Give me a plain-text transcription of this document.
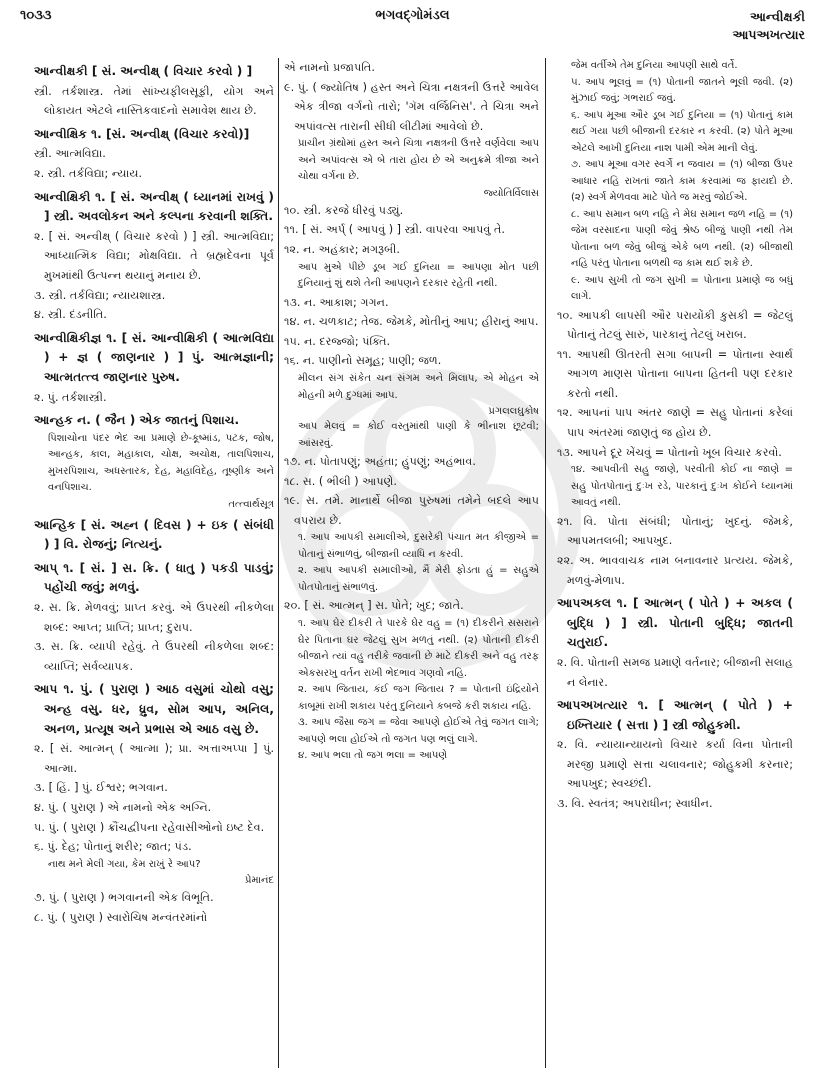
૧૦૩૩	ભગવદ્ગોમંડલ	આન્વીક્ષકી
આપઅખત્યાર

આન્વીક્ષકી [ સં. અન્વીક્ષ્ ( વિચાર કરવો ) ]

સ્ત્રી. તર્કશાસ્ત્ર. તેમાં સાંખ્યફીલસૂફી, યોગ અને લોકાયત એટલે નાસ્તિકવાદનો સમાવેશ થાય છે.

આન્વીક્ષિક ૧. [સં. અન્વીક્ષ્ (વિચાર કરવો)]

સ્ત્રી. આત્મવિદ્યા.

૨. સ્ત્રી. તર્કવિદ્યા; ન્યાય.

આન્વીક્ષિકી ૧. [ સં. અન્વીક્ષ્ ( ધ્યાનમાં રાખવું ) ] સ્ત્રી. અવલોકન અને કલ્પના કરવાની શક્તિ.

૨. [ સં. અન્વીક્ષ્ ( વિચાર કરવો ) ] સ્ત્રી. આત્મવિદ્યા; આધ્યાત્મિક વિદ્યા; મોક્ષવિદ્યા. તે બ્રહ્મદેવના પૂર્વ મુખમાંથી ઉત્પન્ન થયાનું મનાય છે.

૩. સ્ત્રી. તર્કવિદ્યા; ન્યાયશાસ્ત્ર.

૪. સ્ત્રી. દંડનીતિ.

આન્વીક્ષિકીજ્ઞ ૧. [ સં. આન્વીક્ષિકી ( આત્મવિદ્યા ) + જ્ઞ ( જાણનાર ) ] પું. આત્મજ્ઞાની; આત્મતત્ત્વ જાણનાર પુરુષ.

૨. પું. તર્કશાસ્ત્રી.

આન્હક ન. ( જૈન ) એક જાતનું પિશાચ.

પિશાચોના પંદર ભેદ આ પ્રમાણે છે-કૂષ્માંડ, પટક, જોષ, આન્હક, કાલ, મહાકાલ, ચોક્ષ, અચોક્ષ, તાલપિશાચ, મુખરપિશાચ, અધસ્તારક, દેહ, મહાવિદેહ, તૂષ્ણીક અને વનપિશાચ.

તત્ત્વાર્થસૂત્ર

આન્હિક [ સં. અહ્ન ( દિવસ ) + ઇક ( સંબંધી ) ] વિ. રોજનું; નિત્યનું.

આપ્ ૧. [ સં. ] સ. ક્રિ. ( ધાતુ ) પકડી પાડવું; પહોંચી જવું; મળવું.

૨. સ. ક્રિ. મેળવવું; પ્રાપ્ત કરવું. એ ઉપરથી નીકળેલા શબ્દ: આપ્ત; પ્રાપ્તિ; પ્રાપ્ત; દુરાપ.

૩. સ. ક્રિ. વ્યાપી રહેવું. તે ઉપરથી નીકળેલા શબ્દ: વ્યાપ્તિ; સર્વવ્યાપક.

આપ ૧. પું. ( પુરાણ ) આઠ વસુમાં ચોથો વસુ; અન્હ વસુ. ધર, ધ્રુવ, સોમ આપ, અનિલ, અનળ, પ્રત્યૂષ અને પ્રભાસ એ આઠ વસુ છે.

૨. [ સં. આત્મન્ ( આત્મા ); પ્રા. અત્તાઅપ્પા ] પું. આત્મા.

૩. [ હિં. ] પું. ઈશ્વર; ભગવાન.

૪. પું. ( પુરાણ ) એ નામનો એક અગ્નિ.

૫. પું. ( પુરાણ ) ક્રૌંચદ્વીપના રહેવાસીઓનો ઇષ્ટ દેવ.

૬. પું. દેહ; પોતાનું શરીર; જાત; પંડ.

નાથ મને મેલી ગયા, કેમ રાખું રે આપ?

પ્રેમાનંદ

૭. પું. ( પુરાણ ) ભગવાનની એક વિભૂતિ.

૮. પું. ( પુરાણ ) સ્વારોચિષ મન્વંતરમાંનો

એ નામનો પ્રજાપતિ.

૯. પું. ( જ્યોતિષ ) હસ્ત અને ચિત્રા નક્ષત્રની ઉત્તરે આવેલ એક ત્રીજા વર્ગનો તારો; 'ગૅમ વર્જિનિસ'. તે ચિત્રા અને અપાંવત્સ તારાની સીધી લીટીમાં આવેલો છે.

પ્રાચીન ગ્રંથોમાં હસ્ત અને ચિત્રા નક્ષત્રની ઉત્તરે વર્ણવેલા આપ અને અપાંવત્સ એ બે તારા હોય છે એ અનુક્રમે ત્રીજા અને ચોથા વર્ગના છે.

જ્યોતિર્વિલાસ

૧૦. સ્ત્રી. કરજે ધીરવું પડ્યું.

૧૧. [ સં. અર્પ્ ( આપવું ) ] સ્ત્રી. વાપરવા આપવું તે.

૧૨. ન. અહંકાર; મગરૂબી.

આપ મુએ પીછે ડૂબ ગઈ દુનિયા = આપણા મોત પછી દુનિયાનું શું થશે તેની આપણને દરકાર રહેતી નથી.

૧૩. ન. આકાશ; ગગન.

૧૪. ન. ચળકાટ; તેજ. જેમકે, મોતીનું આપ; હીરાનું આપ.

૧૫. ન. દરજ્જો; પંક્તિ.

૧૬. ન. પાણીનો સમૂહ; પાણી; જળ.

મીલન સંગ સંકેત ચન સંગમ અને મિલાપ, એ મોહન એ મોહની મળે દુગ્ધમાં આપ.

પ્રગલલઘુકોષ

આપ મેલવું = કોઈ વસ્તુમાંથી પાણી કે ભીનાશ છૂટવી; આંસરવું.

૧૭. ન. પોતાપણું; અહંતા; હુંપણું; અહંભાવ.

૧૮. સ. ( ભીલી ) આપણે.

૧૯. સ. તમે. માનાર્થે બીજા પુરુષમાં તમેને બદલે આપ વપરાય છે.

૧. આપ આપકી સમાલીએ, દુસરેકી પંચાત મત કીજીએ = પોતાનું સંભાળવું, બીજાની વ્યાધિ ન કરવી.

૨. આપ આપકી સમાલીઓ, મૈં મેરી ફોડતા હું = સહુએ પોતપોતાનું સંભાળવું.

૨૦. [ સં. આત્મન્ ] સ. પોતે; ખુદ; જાતે.

૧. આપ ઘેર દીકરી તે પારકે ઘેર વહુ = (૧) દીકરીને સસરાને ઘેર પિતાના ઘર જેટલું સુખ મળતું નથી. (૨) પોતાની દીકરી બીજાને ત્યાં વહુ તરીકે જવાની છે માટે દીકરી અને વહુ તરફ એકસરખુ વર્તન રાખી ભેદભાવ ગણવો નહિ.

૨. આપ જિતાય, કંઈ જગ જિતાય ? = પોતાની ઇંદ્રિયોને કાબૂમાં રાખી શકાય પરંતુ દુનિયાને કબજે કરી શકાય નહિ.

૩. આપ જૈસા જગ = જેવા આપણે હોઈએ તેવું જગત લાગે; આપણે ભલા હોઈએ તો જગત પણ ભલું લાગે.

૪. આપ ભલા તો જગ ભલા = આપણે

જેમ વર્તીએ તેમ દુનિયા આપણી સાથે વર્તે.

૫. આપ ભૂલવું = (૧) પોતાની જાતને ભૂલી જવી. (૨) મુંઝાઈ જવું; ગભરાઈ જવું.

૬. આપ મૂઆ ઔર ડૂબ ગઈ દુનિયા = (૧) પોતાનું કામ થઈ ગયા પછી બીજાની દરકાર ન કરવી. (૨) પોતે મૂઆ એટલે આખી દુનિયા નાશ પામી એમ માની લેવું.

૭. આપ મૂઆ વગર સ્વર્ગે ન જવાય = (૧) બીજા ઉપર આધાર નહિ રાખતાં જાતે કામ કરવામાં જ ફાયદો છે. (૨) સ્વર્ગ મેળવવા માટે પોતે જ મરવું જોઈએ.

૮. આપ સમાન બળ નહિ ને મેઘ સમાન જળ નહિ = (૧) જેમ વરસાદના પાણી જેવું શ્રેષ્ઠ બીજું પાણી નથી તેમ પોતાના બળ જેવું બીજું એકે બળ નથી. (૨) બીજાથી નહિ પરંતુ પોતાના બળથી જ કામ થઈ શકે છે.

૯. આપ સુખી તો જગ સુખી = પોતાના પ્રમાણે જ બધું લાગે.

૧૦. આપકી લાપસી ઔર પરાયોંકી કુસકી = જેટલું પોતાનું તેટલું સારું, પારકાનું તેટલું ખરાબ.

૧૧. આપથી ઊતરતી સગા બાપની = પોતાના સ્વાર્થ આગળ માણસ પોતાના બાપના હિતની પણ દરકાર કરતો નથી.

૧૨. આપનાં પાપ અંતર જાણે = સહુ પોતાનાં કરેલાં પાપ અંતરમાં જાણતું જ હોય છે.

૧૩. આપને દૂર ખેંચવું = પોતાનો ખૂબ વિચાર કરવો.

૧૪. આપવીતી સહુ જાણે, પરવીતી કોઈ ના જાણે = સહુ પોતપોતાનું દુઃખ રડે, પારકાનું દુઃખ કોઈને ધ્યાનમાં આવતું નથી.

૨૧. વિ. પોતા સંબંધી; પોતાનું; ખુદનું. જેમકે, આપમતલબી; આપખુદ.

૨૨. અ. ભાવવાચક નામ બનાવનાર પ્રત્યય. જેમકે, મળવું-મેળાપ.

આપઅકલ ૧. [ આત્મન્ ( પોતે ) + અકલ ( બુદ્ધિ ) ] સ્ત્રી. પોતાની બુદ્ધિ; જાતની ચતુરાઈ.

૨. વિ. પોતાની સમજ પ્રમાણે વર્તનાર; બીજાની સલાહ ન લેનાર.

આપઅખત્યાર ૧. [ આત્મન્ ( પોતે ) + ઇખ્તિયાર ( સત્તા ) ] સ્ત્રી જોહુકમી.

૨. વિ. ન્યાયાન્યાયનો વિચાર કર્યા વિના પોતાની મરજી પ્રમાણે સત્તા ચલાવનાર; જોહુકમી કરનાર; આપખુદ; સ્વચ્છંદી.

૩. વિ. સ્વતંત્ર; અપરાધીન; સ્વાધીન.
